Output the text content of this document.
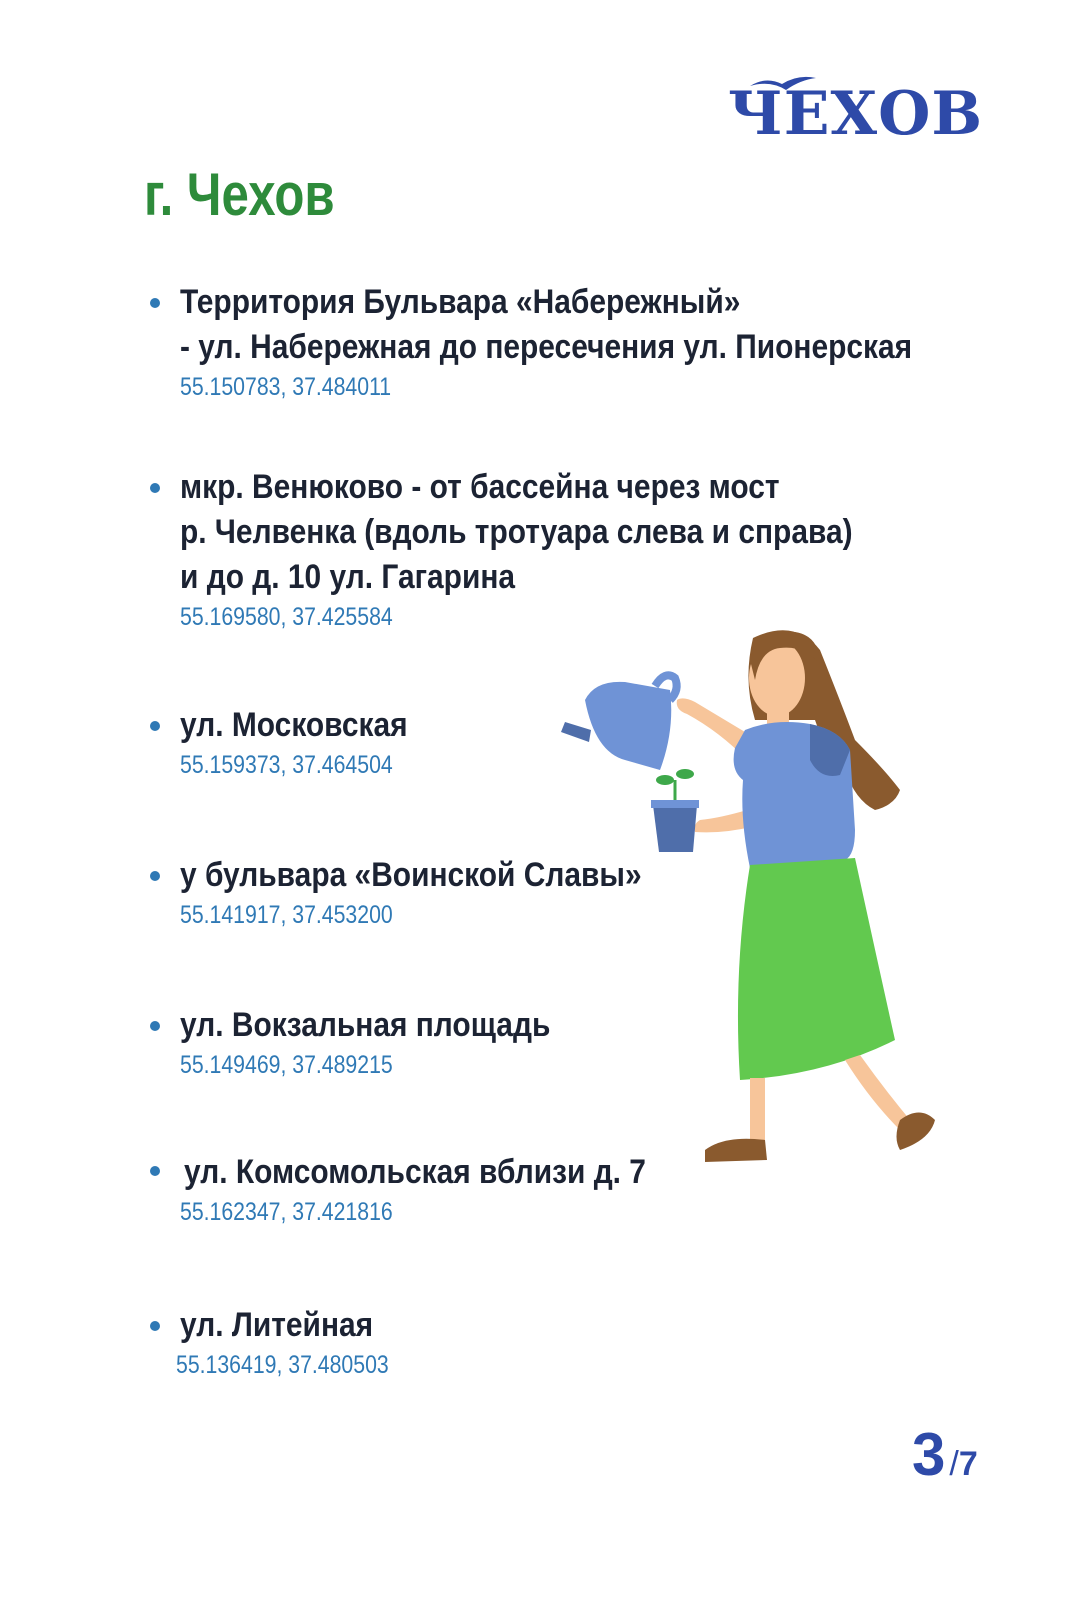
ЧЕХОВ
г. Чехов
Территория Бульвара «Набережный»
- ул. Набережная до пересечения ул. Пионерская
55.150783, 37.484011
мкр. Венюково - от бассейна через мост
р. Челвенка (вдоль тротуара слева и справа)
и до д. 10 ул. Гагарина
55.169580, 37.425584
ул. Московская
55.159373, 37.464504
у бульвара «Воинской Славы»
55.141917, 37.453200
ул. Вокзальная площадь
55.149469, 37.489215
ул. Комсомольская вблизи д. 7
55.162347, 37.421816
ул. Литейная
55.136419, 37.480503
3 /7
